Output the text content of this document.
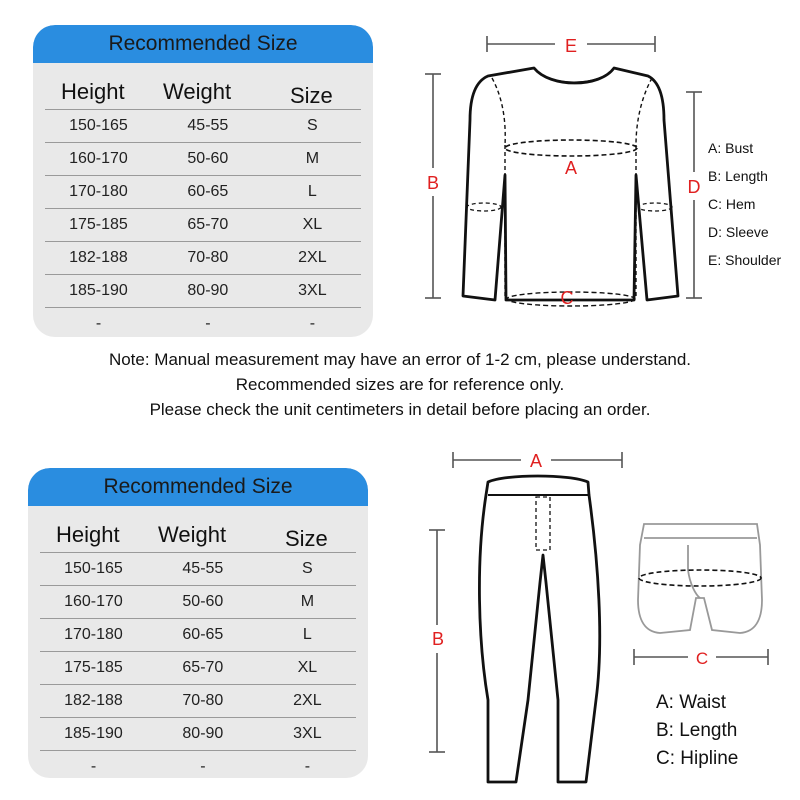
Recommended Size
Height	Weight	Size
150-165	45-55	S
160-170	50-60	M
170-180	60-65	L
175-185	65-70	XL
182-188	70-80	2XL
185-190	80-90	3XL
-	-	-
E
B	D
A
C
A: Bust
B: Length
C: Hem
D: Sleeve
E: Shoulder
Note: Manual measurement may have an error of 1-2 cm, please understand.
Recommended sizes are for reference only.
Please check the unit centimeters in detail before placing an order.
Recommended Size
Height	Weight	Size
150-165	45-55	S
160-170	50-60	M
170-180	60-65	L
175-185	65-70	XL
182-188	70-80	2XL
185-190	80-90	3XL
-	-	-
A
B
C
A: Waist
B: Length
C: Hipline
